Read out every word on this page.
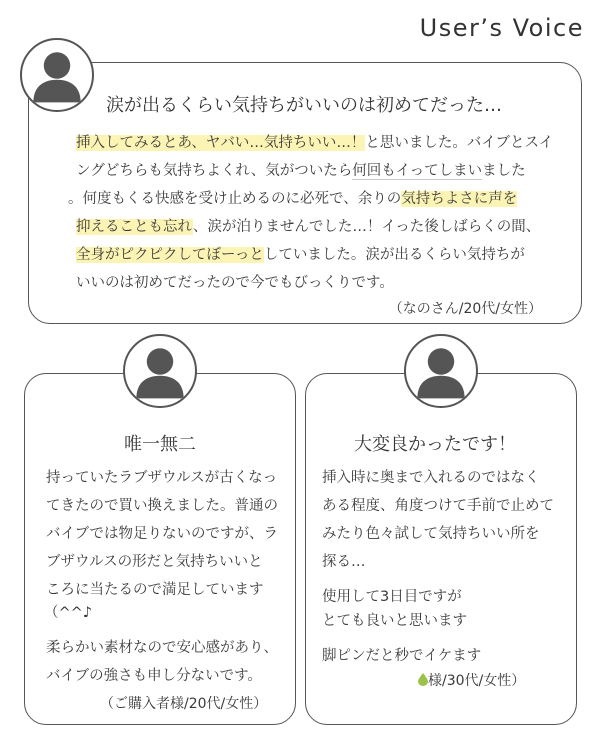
User’s Voice
涙が出るくらい気持ちがいいのは初めてだった…
挿入してみるとあ、ヤバい…気持ちいい…！と思いました。バイブとスイ
ングどちらも気持ちよくれ、気がついたら何回もイってしまいました
。何度もくる快感を受け止めるのに必死で、余りの気持ちよさに声を
抑えることも忘れ、涙が泊りませんでした…！イった後しばらくの間、
全身がピクピクしてぼーっとしていました。涙が出るくらい気持ちが
いいのは初めてだったので今でもびっくりです。
（なのさん/20代/女性）
唯一無二
持っていたラブザウルスが古くなっ
てきたので買い換えました。普通の
バイブでは物足りないのですが、ラ
ブザウルスの形だと気持ちいいと
ころに当たるので満足しています
（^^♪
柔らかい素材なので安心感があり、
バイブの強さも申し分ないです。
（ご購入者様/20代/女性）
大変良かったです！
挿入時に奥まで入れるのではなく
ある程度、角度つけて手前で止めて
みたり色々試して気持ちいい所を
探る…
使用して3日目ですが
とても良いと思います
脚ピンだと秒でイケます
様/30代/女性）
